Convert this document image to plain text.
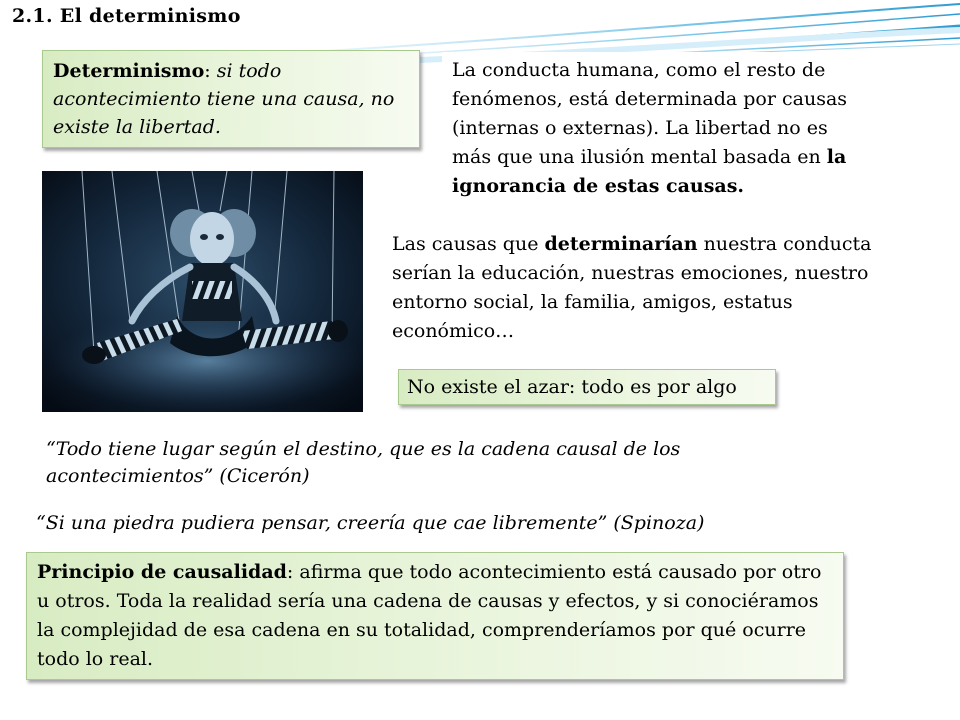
2.1. El determinismo
Determinismo: si todo acontecimiento tiene una causa, no existe la libertad.
La conducta humana, como el resto de fenómenos, está determinada por causas (internas o externas). La libertad no es más que una ilusión mental basada en la ignorancia de estas causas.
Las causas que determinarían nuestra conducta serían la educación, nuestras emociones, nuestro entorno social, la familia, amigos, estatus económico…
No existe el azar: todo es por algo
“Todo tiene lugar según el destino, que es la cadena causal de los acontecimientos” (Cicerón)
“Si una piedra pudiera pensar, creería que cae libremente” (Spinoza)
Principio de causalidad: afirma que todo acontecimiento está causado por otro u otros. Toda la realidad sería una cadena de causas y efectos, y si conociéramos la complejidad de esa cadena en su totalidad, comprenderíamos por qué ocurre todo lo real.
